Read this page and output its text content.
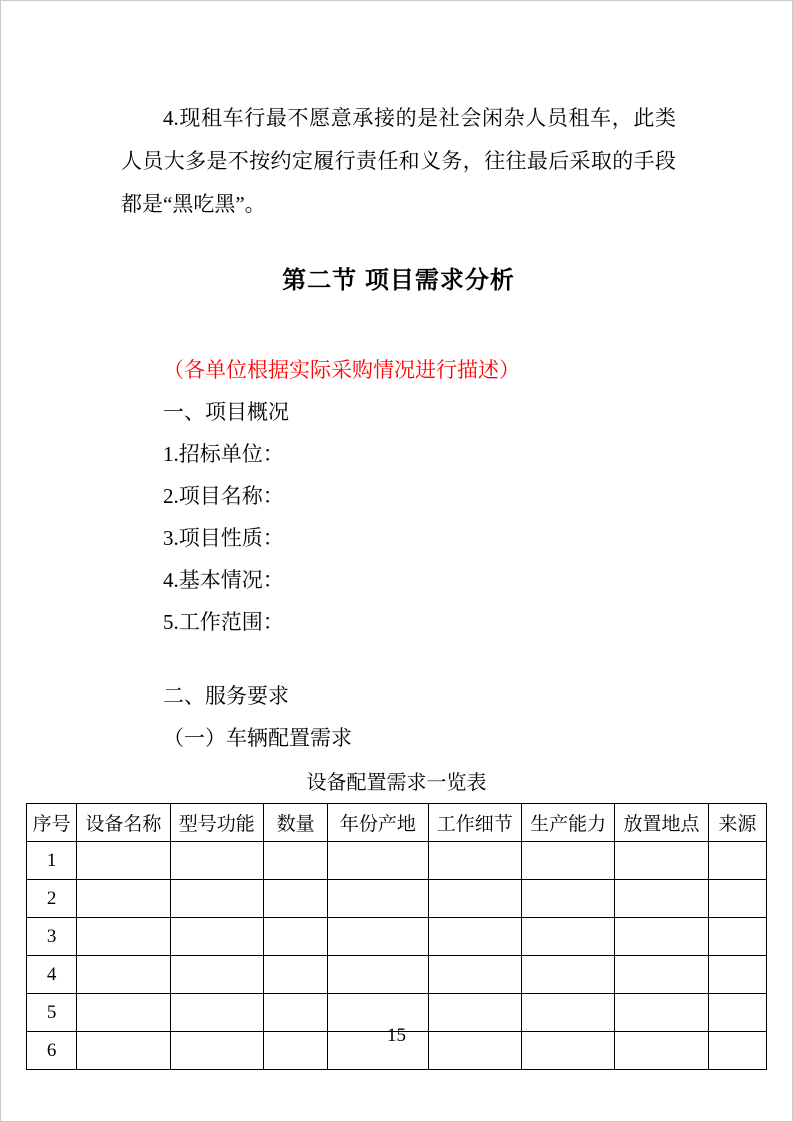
4.现租车行最不愿意承接的是社会闲杂人员租车，此类人员大多是不按约定履行责任和义务，往往最后采取的手段都是“黑吃黑”。

第二节 项目需求分析

（各单位根据实际采购情况进行描述）

一、项目概况

1.招标单位：

2.项目名称：

3.项目性质：

4.基本情况：

5.工作范围：

二、服务要求

（一）车辆配置需求

设备配置需求一览表

序号	设备名称	型号功能	数量	年份产地	工作细节	生产能力	放置地点	来源
1								
2								
3								
4								
5								
6								
15
